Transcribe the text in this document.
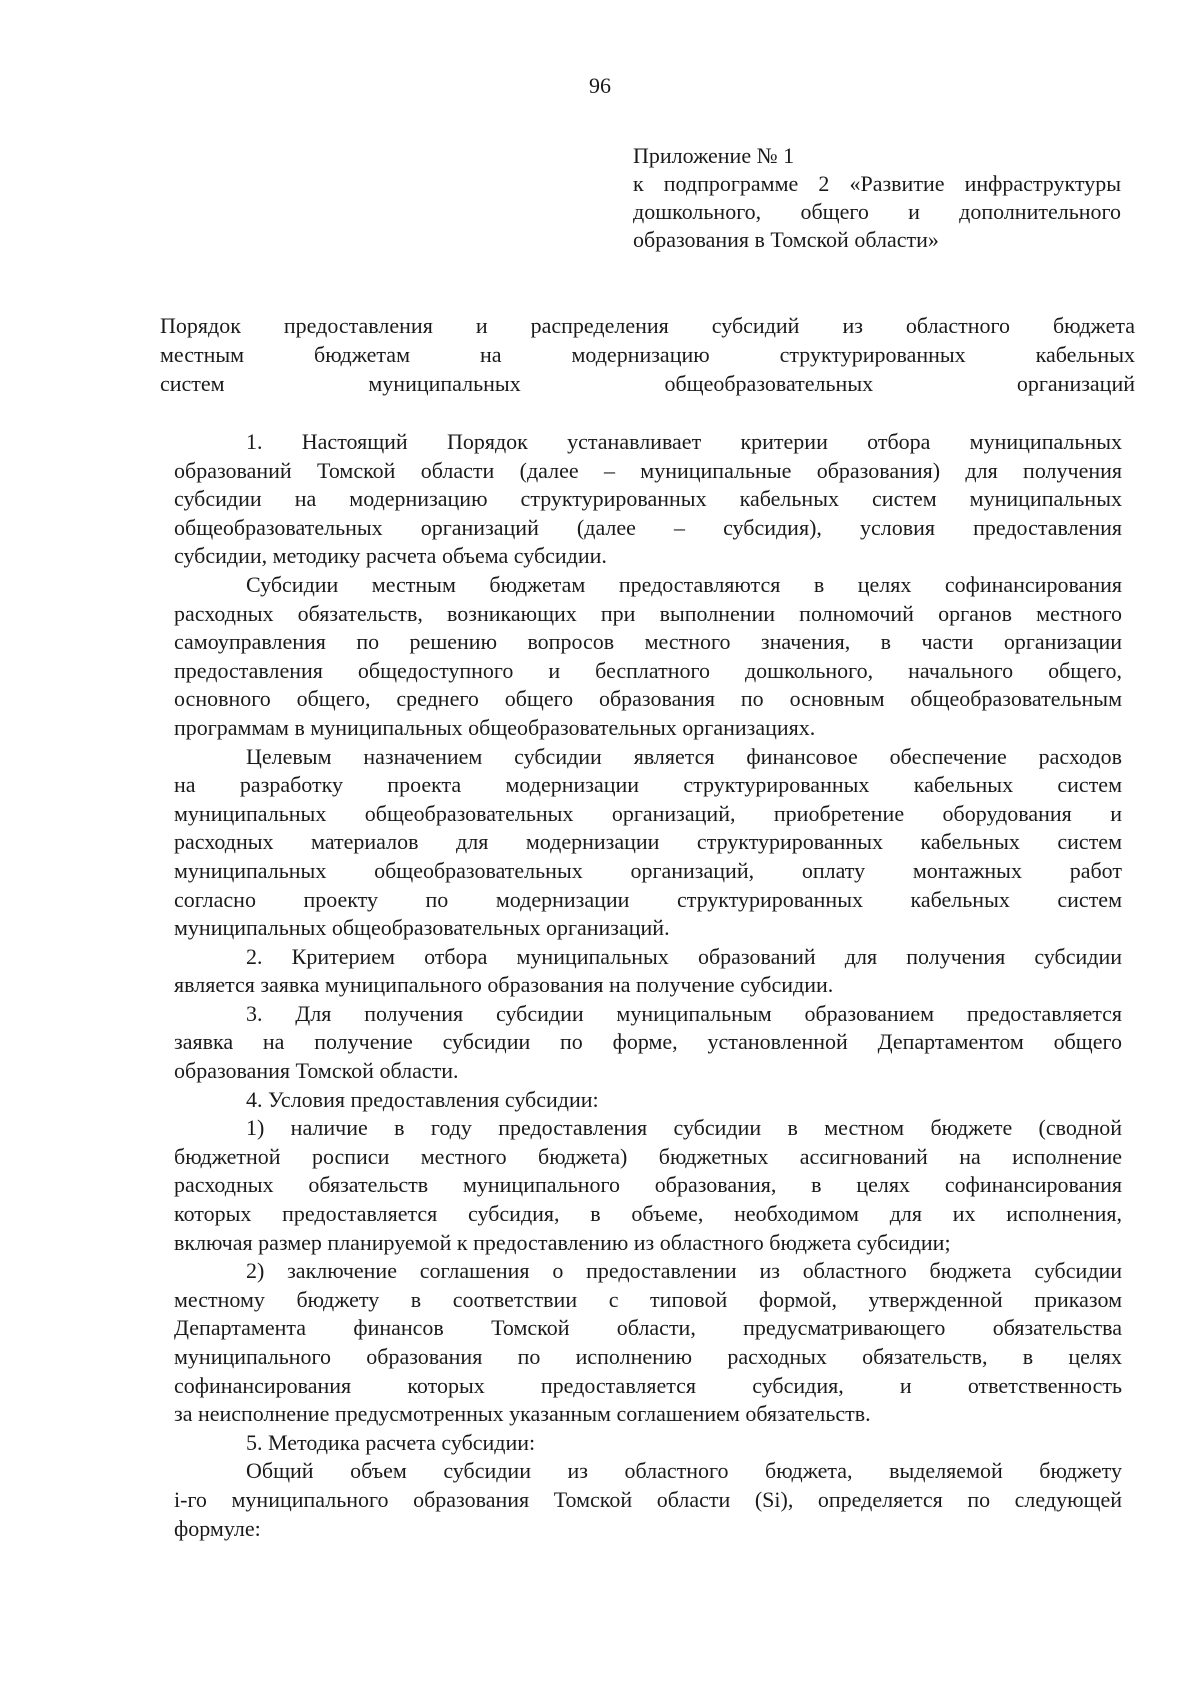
96
Приложение № 1
к подпрограмме 2 «Развитие инфраструктуры
дошкольного, общего и дополнительного
образования в Томской области»
Порядок предоставления и распределения субсидий из областного бюджета
местным бюджетам на модернизацию структурированных кабельных
систем муниципальных общеобразовательных организаций
1. Настоящий Порядок устанавливает критерии отбора муниципальных
образований Томской области (далее – муниципальные образования) для получения
субсидии на модернизацию структурированных кабельных систем муниципальных
общеобразовательных организаций (далее – субсидия), условия предоставления
субсидии, методику расчета объема субсидии.
Субсидии местным бюджетам предоставляются в целях софинансирования
расходных обязательств, возникающих при выполнении полномочий органов местного
самоуправления по решению вопросов местного значения, в части организации
предоставления общедоступного и бесплатного дошкольного, начального общего,
основного общего, среднего общего образования по основным общеобразовательным
программам в муниципальных общеобразовательных организациях.
Целевым назначением субсидии является финансовое обеспечение расходов
на разработку проекта модернизации структурированных кабельных систем
муниципальных общеобразовательных организаций, приобретение оборудования и
расходных материалов для модернизации структурированных кабельных систем
муниципальных общеобразовательных организаций, оплату монтажных работ
согласно проекту по модернизации структурированных кабельных систем
муниципальных общеобразовательных организаций.
2. Критерием отбора муниципальных образований для получения субсидии
является заявка муниципального образования на получение субсидии.
3. Для получения субсидии муниципальным образованием предоставляется
заявка на получение субсидии по форме, установленной Департаментом общего
образования Томской области.
4. Условия предоставления субсидии:
1) наличие в году предоставления субсидии в местном бюджете (сводной
бюджетной росписи местного бюджета) бюджетных ассигнований на исполнение
расходных обязательств муниципального образования, в целях софинансирования
которых предоставляется субсидия, в объеме, необходимом для их исполнения,
включая размер планируемой к предоставлению из областного бюджета субсидии;
2) заключение соглашения о предоставлении из областного бюджета субсидии
местному бюджету в соответствии с типовой формой, утвержденной приказом
Департамента финансов Томской области, предусматривающего обязательства
муниципального образования по исполнению расходных обязательств, в целях
софинансирования которых предоставляется субсидия, и ответственность
за неисполнение предусмотренных указанным соглашением обязательств.
5. Методика расчета субсидии:
Общий объем субсидии из областного бюджета, выделяемой бюджету
i-го муниципального образования Томской области (Si), определяется по следующей
формуле:
